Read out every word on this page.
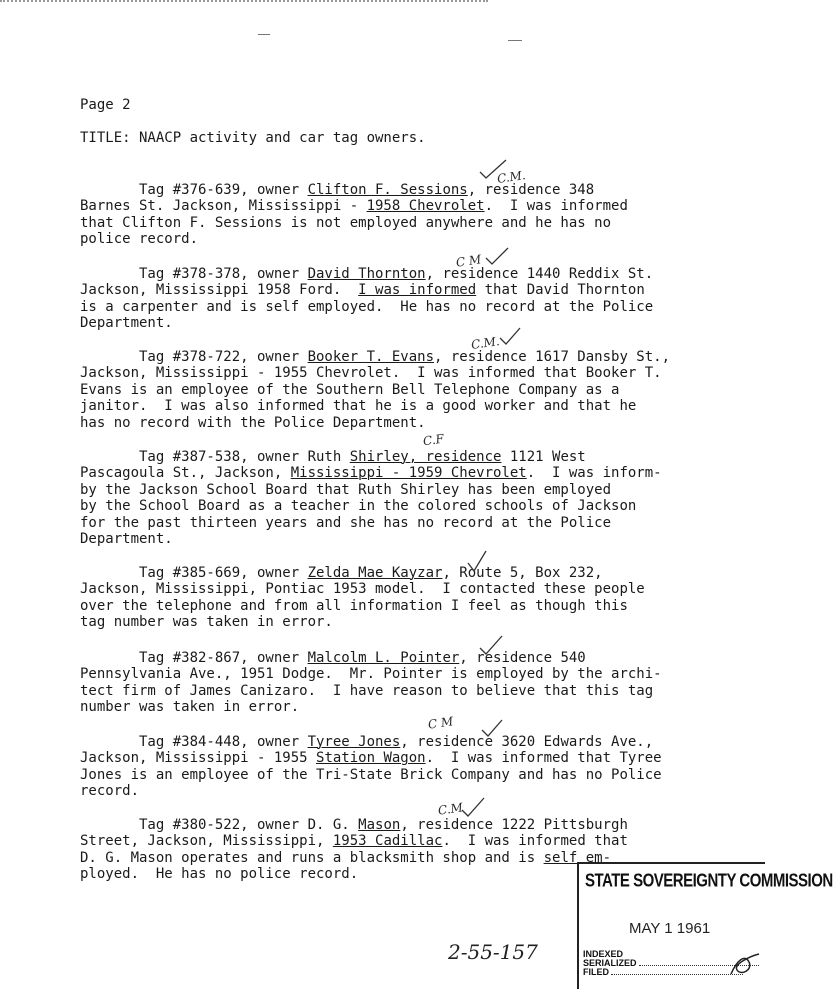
Page 2
TITLE: NAACP activity and car tag owners.
Tag #376-639, owner Clifton F. Sessions, residence 348
Barnes St. Jackson, Mississippi - 1958 Chevrolet.  I was informed
that Clifton F. Sessions is not employed anywhere and he has no
police record.
Tag #378-378, owner David Thornton, residence 1440 Reddix St.
Jackson, Mississippi 1958 Ford.  I was informed that David Thornton
is a carpenter and is self employed.  He has no record at the Police
Department.
Tag #378-722, owner Booker T. Evans, residence 1617 Dansby St.,
Jackson, Mississippi - 1955 Chevrolet.  I was informed that Booker T.
Evans is an employee of the Southern Bell Telephone Company as a
janitor.  I was also informed that he is a good worker and that he
has no record with the Police Department.
Tag #387-538, owner Ruth Shirley, residence 1121 West
Pascagoula St., Jackson, Mississippi - 1959 Chevrolet.  I was inform-
by the Jackson School Board that Ruth Shirley has been employed
by the School Board as a teacher in the colored schools of Jackson
for the past thirteen years and she has no record at the Police
Department.
Tag #385-669, owner Zelda Mae Kayzar, Route 5, Box 232,
Jackson, Mississippi, Pontiac 1953 model.  I contacted these people
over the telephone and from all information I feel as though this
tag number was taken in error.
Tag #382-867, owner Malcolm L. Pointer, residence 540
Pennsylvania Ave., 1951 Dodge.  Mr. Pointer is employed by the archi-
tect firm of James Canizaro.  I have reason to believe that this tag
number was taken in error.
Tag #384-448, owner Tyree Jones, residence 3620 Edwards Ave.,
Jackson, Mississippi - 1955 Station Wagon.  I was informed that Tyree
Jones is an employee of the Tri-State Brick Company and has no Police
record.
Tag #380-522, owner D. G. Mason, residence 1222 Pittsburgh
Street, Jackson, Mississippi, 1953 Cadillac.  I was informed that
D. G. Mason operates and runs a blacksmith shop and is self em-
ployed.  He has no police record.
C.M.
C M
C.M.
C.F
C M
C.M
STATE SOVEREIGNTY COMMISSION
MAY 1 1961
INDEXED
SERIALIZED
FILED
2-55-157
